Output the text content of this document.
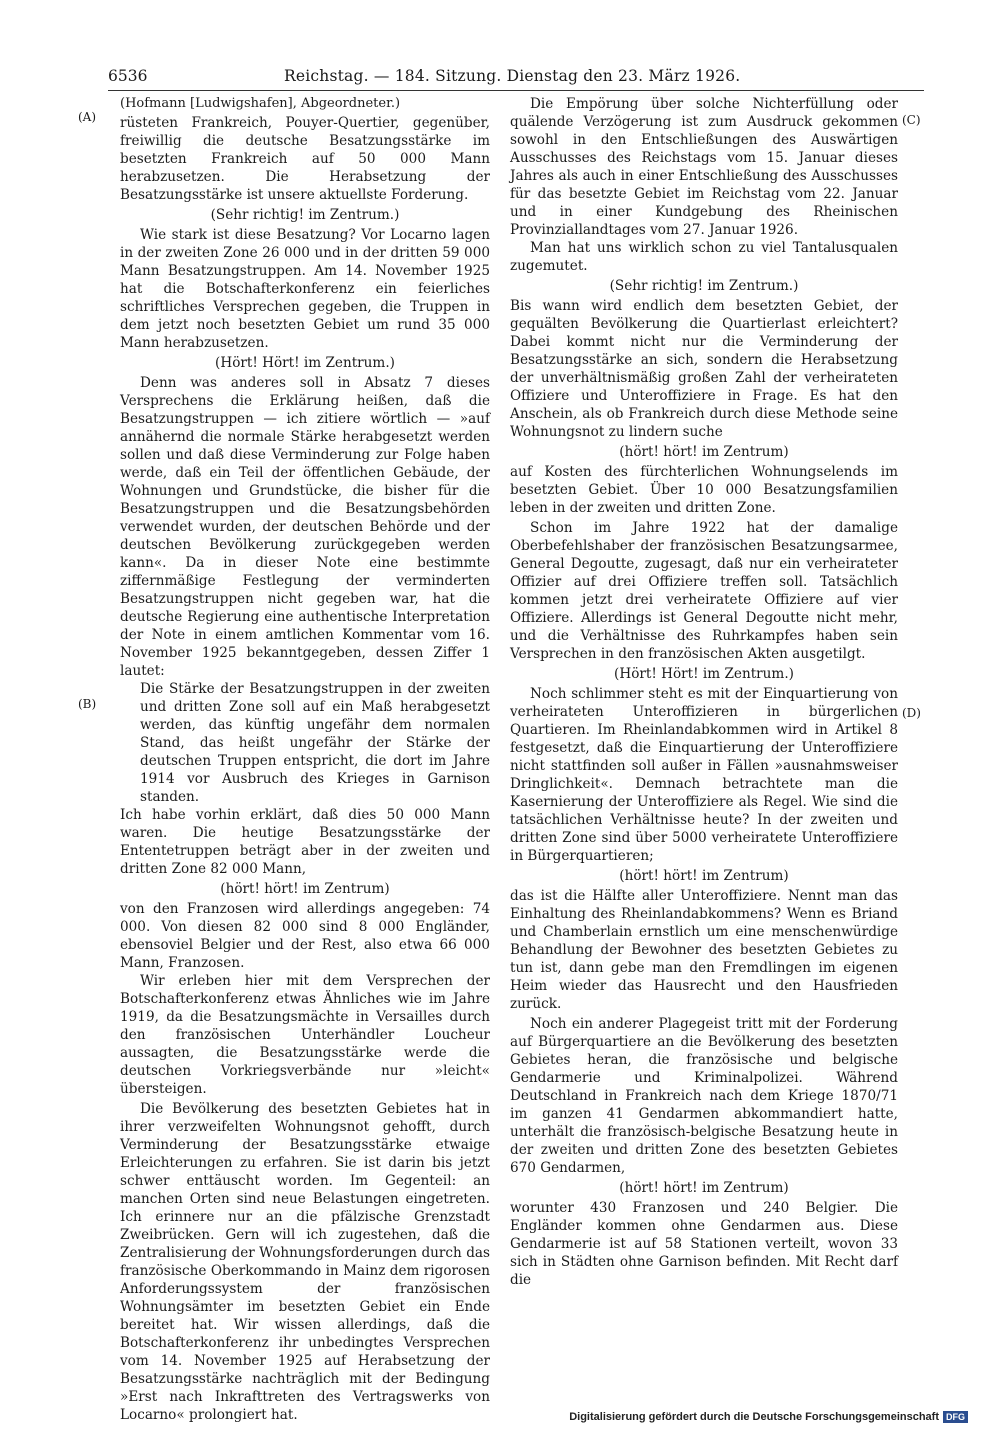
6536	Reichstag. — 184. Sitzung. Dienstag den 23. März 1926.
(A)
(B)
(C)
(D)

(Hofmann [Ludwigshafen], Abgeordneter.)

rüsteten Frankreich, Pouyer-Quertier, gegenüber, freiwillig die deutsche Besatzungsstärke im besetzten Frankreich auf 50 000 Mann herabzusetzen. Die Herabsetzung der Besatzungsstärke ist unsere aktuellste Forderung.

(Sehr richtig! im Zentrum.)

Wie stark ist diese Besatzung? Vor Locarno lagen in der zweiten Zone 26 000 und in der dritten 59 000 Mann Besatzungstruppen. Am 14. November 1925 hat die Botschafterkonferenz ein feierliches schriftliches Versprechen gegeben, die Truppen in dem jetzt noch besetzten Gebiet um rund 35 000 Mann herabzusetzen.

(Hört! Hört! im Zentrum.)

Denn was anderes soll in Absatz 7 dieses Versprechens die Erklärung heißen, daß die Besatzungstruppen — ich zitiere wörtlich — »auf annähernd die normale Stärke herabgesetzt werden sollen und daß diese Verminderung zur Folge haben werde, daß ein Teil der öffentlichen Gebäude, der Wohnungen und Grundstücke, die bisher für die Besatzungstruppen und die Besatzungsbehörden verwendet wurden, der deutschen Behörde und der deutschen Bevölkerung zurückgegeben werden kann«. Da in dieser Note eine bestimmte ziffernmäßige Festlegung der verminderten Besatzungstruppen nicht gegeben war, hat die deutsche Regierung eine authentische Interpretation der Note in einem amtlichen Kommentar vom 16. November 1925 bekanntgegeben, dessen Ziffer 1 lautet:

Die Stärke der Besatzungstruppen in der zweiten und dritten Zone soll auf ein Maß herabgesetzt werden, das künftig ungefähr dem normalen Stand, das heißt ungefähr der Stärke der deutschen Truppen entspricht, die dort im Jahre 1914 vor Ausbruch des Krieges in Garnison standen.

Ich habe vorhin erklärt, daß dies 50 000 Mann waren. Die heutige Besatzungsstärke der Ententetruppen beträgt aber in der zweiten und dritten Zone 82 000 Mann,

(hört! hört! im Zentrum)

von den Franzosen wird allerdings angegeben: 74 000. Von diesen 82 000 sind 8 000 Engländer, ebensoviel Belgier und der Rest, also etwa 66 000 Mann, Franzosen.

Wir erleben hier mit dem Versprechen der Botschafterkonferenz etwas Ähnliches wie im Jahre 1919, da die Besatzungsmächte in Versailles durch den französischen Unterhändler Loucheur aussagten, die Besatzungsstärke werde die deutschen Vorkriegsverbände nur »leicht« übersteigen.

Die Bevölkerung des besetzten Gebietes hat in ihrer verzweifelten Wohnungsnot gehofft, durch Verminderung der Besatzungsstärke etwaige Erleichterungen zu erfahren. Sie ist darin bis jetzt schwer enttäuscht worden. Im Gegenteil: an manchen Orten sind neue Belastungen eingetreten. Ich erinnere nur an die pfälzische Grenzstadt Zweibrücken. Gern will ich zugestehen, daß die Zentralisierung der Wohnungsforderungen durch das französische Oberkommando in Mainz dem rigorosen Anforderungssystem der französischen Wohnungsämter im besetzten Gebiet ein Ende bereitet hat. Wir wissen allerdings, daß die Botschafterkonferenz ihr unbedingtes Versprechen vom 14. November 1925 auf Herabsetzung der Besatzungsstärke nachträglich mit der Bedingung »Erst nach Inkrafttreten des Vertragswerks von Locarno« prolongiert hat.

Die Empörung über solche Nichterfüllung oder quälende Verzögerung ist zum Ausdruck gekommen sowohl in den Entschließungen des Auswärtigen Ausschusses des Reichstags vom 15. Januar dieses Jahres als auch in einer Entschließung des Ausschusses für das besetzte Gebiet im Reichstag vom 22. Januar und in einer Kundgebung des Rheinischen Provinziallandtages vom 27. Januar 1926.

Man hat uns wirklich schon zu viel Tantalusqualen zugemutet.

(Sehr richtig! im Zentrum.)

Bis wann wird endlich dem besetzten Gebiet, der gequälten Bevölkerung die Quartierlast erleichtert? Dabei kommt nicht nur die Verminderung der Besatzungsstärke an sich, sondern die Herabsetzung der unverhältnismäßig großen Zahl der verheirateten Offiziere und Unteroffiziere in Frage. Es hat den Anschein, als ob Frankreich durch diese Methode seine Wohnungsnot zu lindern suche

(hört! hört! im Zentrum)

auf Kosten des fürchterlichen Wohnungselends im besetzten Gebiet. Über 10 000 Besatzungsfamilien leben in der zweiten und dritten Zone.

Schon im Jahre 1922 hat der damalige Oberbefehlshaber der französischen Besatzungsarmee, General Degoutte, zugesagt, daß nur ein verheirateter Offizier auf drei Offiziere treffen soll. Tatsächlich kommen jetzt drei verheiratete Offiziere auf vier Offiziere. Allerdings ist General Degoutte nicht mehr, und die Verhältnisse des Ruhrkampfes haben sein Versprechen in den französischen Akten ausgetilgt.

(Hört! Hört! im Zentrum.)

Noch schlimmer steht es mit der Einquartierung von verheirateten Unteroffizieren in bürgerlichen Quartieren. Im Rheinlandabkommen wird in Artikel 8 festgesetzt, daß die Einquartierung der Unteroffiziere nicht stattfinden soll außer in Fällen »ausnahmsweiser Dringlichkeit«. Demnach betrachtete man die Kasernierung der Unteroffiziere als Regel. Wie sind die tatsächlichen Verhältnisse heute? In der zweiten und dritten Zone sind über 5000 verheiratete Unteroffiziere in Bürgerquartieren;

(hört! hört! im Zentrum)

das ist die Hälfte aller Unteroffiziere. Nennt man das Einhaltung des Rheinlandabkommens? Wenn es Briand und Chamberlain ernstlich um eine menschenwürdige Behandlung der Bewohner des besetzten Gebietes zu tun ist, dann gebe man den Fremdlingen im eigenen Heim wieder das Hausrecht und den Hausfrieden zurück.

Noch ein anderer Plagegeist tritt mit der Forderung auf Bürgerquartiere an die Bevölkerung des besetzten Gebietes heran, die französische und belgische Gendarmerie und Kriminalpolizei. Während Deutschland in Frankreich nach dem Kriege 1870/71 im ganzen 41 Gendarmen abkommandiert hatte, unterhält die französisch-belgische Besatzung heute in der zweiten und dritten Zone des besetzten Gebietes 670 Gendarmen,

(hört! hört! im Zentrum)

worunter 430 Franzosen und 240 Belgier. Die Engländer kommen ohne Gendarmen aus. Diese Gendarmerie ist auf 58 Stationen verteilt, wovon 33 sich in Städten ohne Garnison befinden. Mit Recht darf die

Digitalisierung gefördert durch die Deutsche Forschungsgemeinschaft DFG
